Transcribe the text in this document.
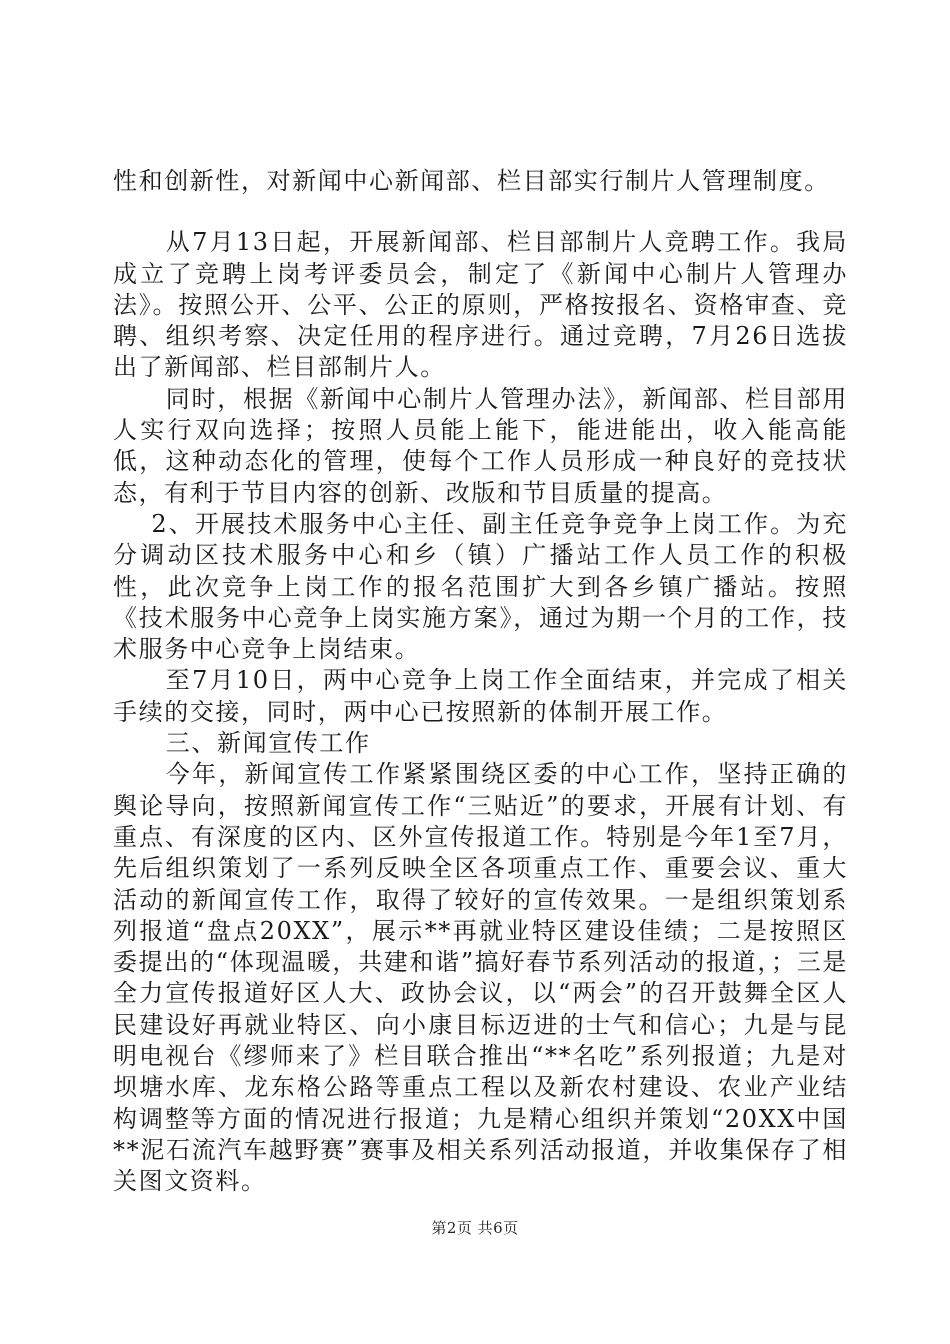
性和创新性，对新闻中心新闻部、栏目部实行制片人管理制度。

从7月13日起，开展新闻部、栏目部制片人竞聘工作。我局成立了竞聘上岗考评委员会，制定了《新闻中心制片人管理办法》。按照公开、公平、公正的原则，严格按报名、资格审查、竞聘、组织考察、决定任用的程序进行。通过竞聘，7月26日选拔出了新闻部、栏目部制片人。

同时，根据《新闻中心制片人管理办法》，新闻部、栏目部用人实行双向选择；按照人员能上能下，能进能出，收入能高能低，这种动态化的管理，使每个工作人员形成一种良好的竞技状态，有利于节目内容的创新、改版和节目质量的提高。

2、开展技术服务中心主任、副主任竞争竞争上岗工作。为充分调动区技术服务中心和乡（镇）广播站工作人员工作的积极性，此次竞争上岗工作的报名范围扩大到各乡镇广播站。按照《技术服务中心竞争上岗实施方案》，通过为期一个月的工作，技术服务中心竞争上岗结束。

至7月10日，两中心竞争上岗工作全面结束，并完成了相关手续的交接，同时，两中心已按照新的体制开展工作。

三、新闻宣传工作

今年，新闻宣传工作紧紧围绕区委的中心工作，坚持正确的舆论导向，按照新闻宣传工作“三贴近”的要求，开展有计划、有重点、有深度的区内、区外宣传报道工作。特别是今年1至7月，先后组织策划了一系列反映全区各项重点工作、重要会议、重大活动的新闻宣传工作，取得了较好的宣传效果。一是组织策划系列报道“盘点20XX”，展示**再就业特区建设佳绩；二是按照区委提出的“体现温暖，共建和谐”搞好春节系列活动的报道，；三是全力宣传报道好区人大、政协会议，以“两会”的召开鼓舞全区人民建设好再就业特区、向小康目标迈进的士气和信心；九是与昆明电视台《缪师来了》栏目联合推出“**名吃”系列报道；九是对坝塘水库、龙东格公路等重点工程以及新农村建设、农业产业结构调整等方面的情况进行报道；九是精心组织并策划“20XX中国**泥石流汽车越野赛”赛事及相关系列活动报道，并收集保存了相关图文资料。

第2页 共6页
